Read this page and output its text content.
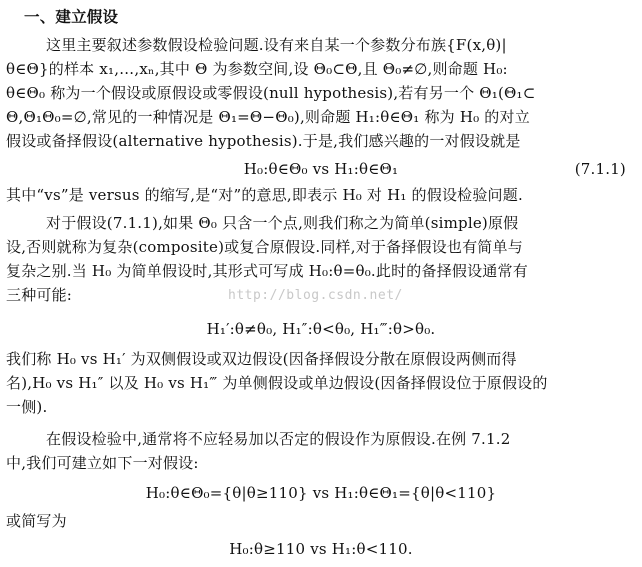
一、建立假设
这里主要叙述参数假设检验问题.设有来自某一个参数分布族{F(x,θ)|
θ∈Θ}的样本 x₁,…,xₙ,其中 Θ 为参数空间,设 Θ₀⊂Θ,且 Θ₀≠∅,则命题 H₀:
θ∈Θ₀ 称为一个假设或原假设或零假设(null hypothesis),若有另一个 Θ₁(Θ₁⊂
Θ,Θ₁Θ₀=∅,常见的一种情况是 Θ₁=Θ−Θ₀),则命题 H₁:θ∈Θ₁ 称为 H₀ 的对立
假设或备择假设(alternative hypothesis).于是,我们感兴趣的一对假设就是
H₀:θ∈Θ₀ vs H₁:θ∈Θ₁	(7.1.1)
其中“vs”是 versus 的缩写,是“对”的意思,即表示 H₀ 对 H₁ 的假设检验问题.
对于假设(7.1.1),如果 Θ₀ 只含一个点,则我们称之为简单(simple)原假
设,否则就称为复杂(composite)或复合原假设.同样,对于备择假设也有简单与
复杂之别.当 H₀ 为简单假设时,其形式可写成 H₀:θ=θ₀.此时的备择假设通常有
三种可能:
H₁′:θ≠θ₀, H₁″:θ<θ₀, H₁‴:θ>θ₀.
我们称 H₀ vs H₁′ 为双侧假设或双边假设(因备择假设分散在原假设两侧而得
名),H₀ vs H₁″ 以及 H₀ vs H₁‴ 为单侧假设或单边假设(因备择假设位于原假设的
一侧).
在假设检验中,通常将不应轻易加以否定的假设作为原假设.在例 7.1.2
中,我们可建立如下一对假设:
H₀:θ∈Θ₀={θ|θ≥110} vs H₁:θ∈Θ₁={θ|θ<110}
或简写为
H₀:θ≥110 vs H₁:θ<110.
http://blog.csdn.net/
